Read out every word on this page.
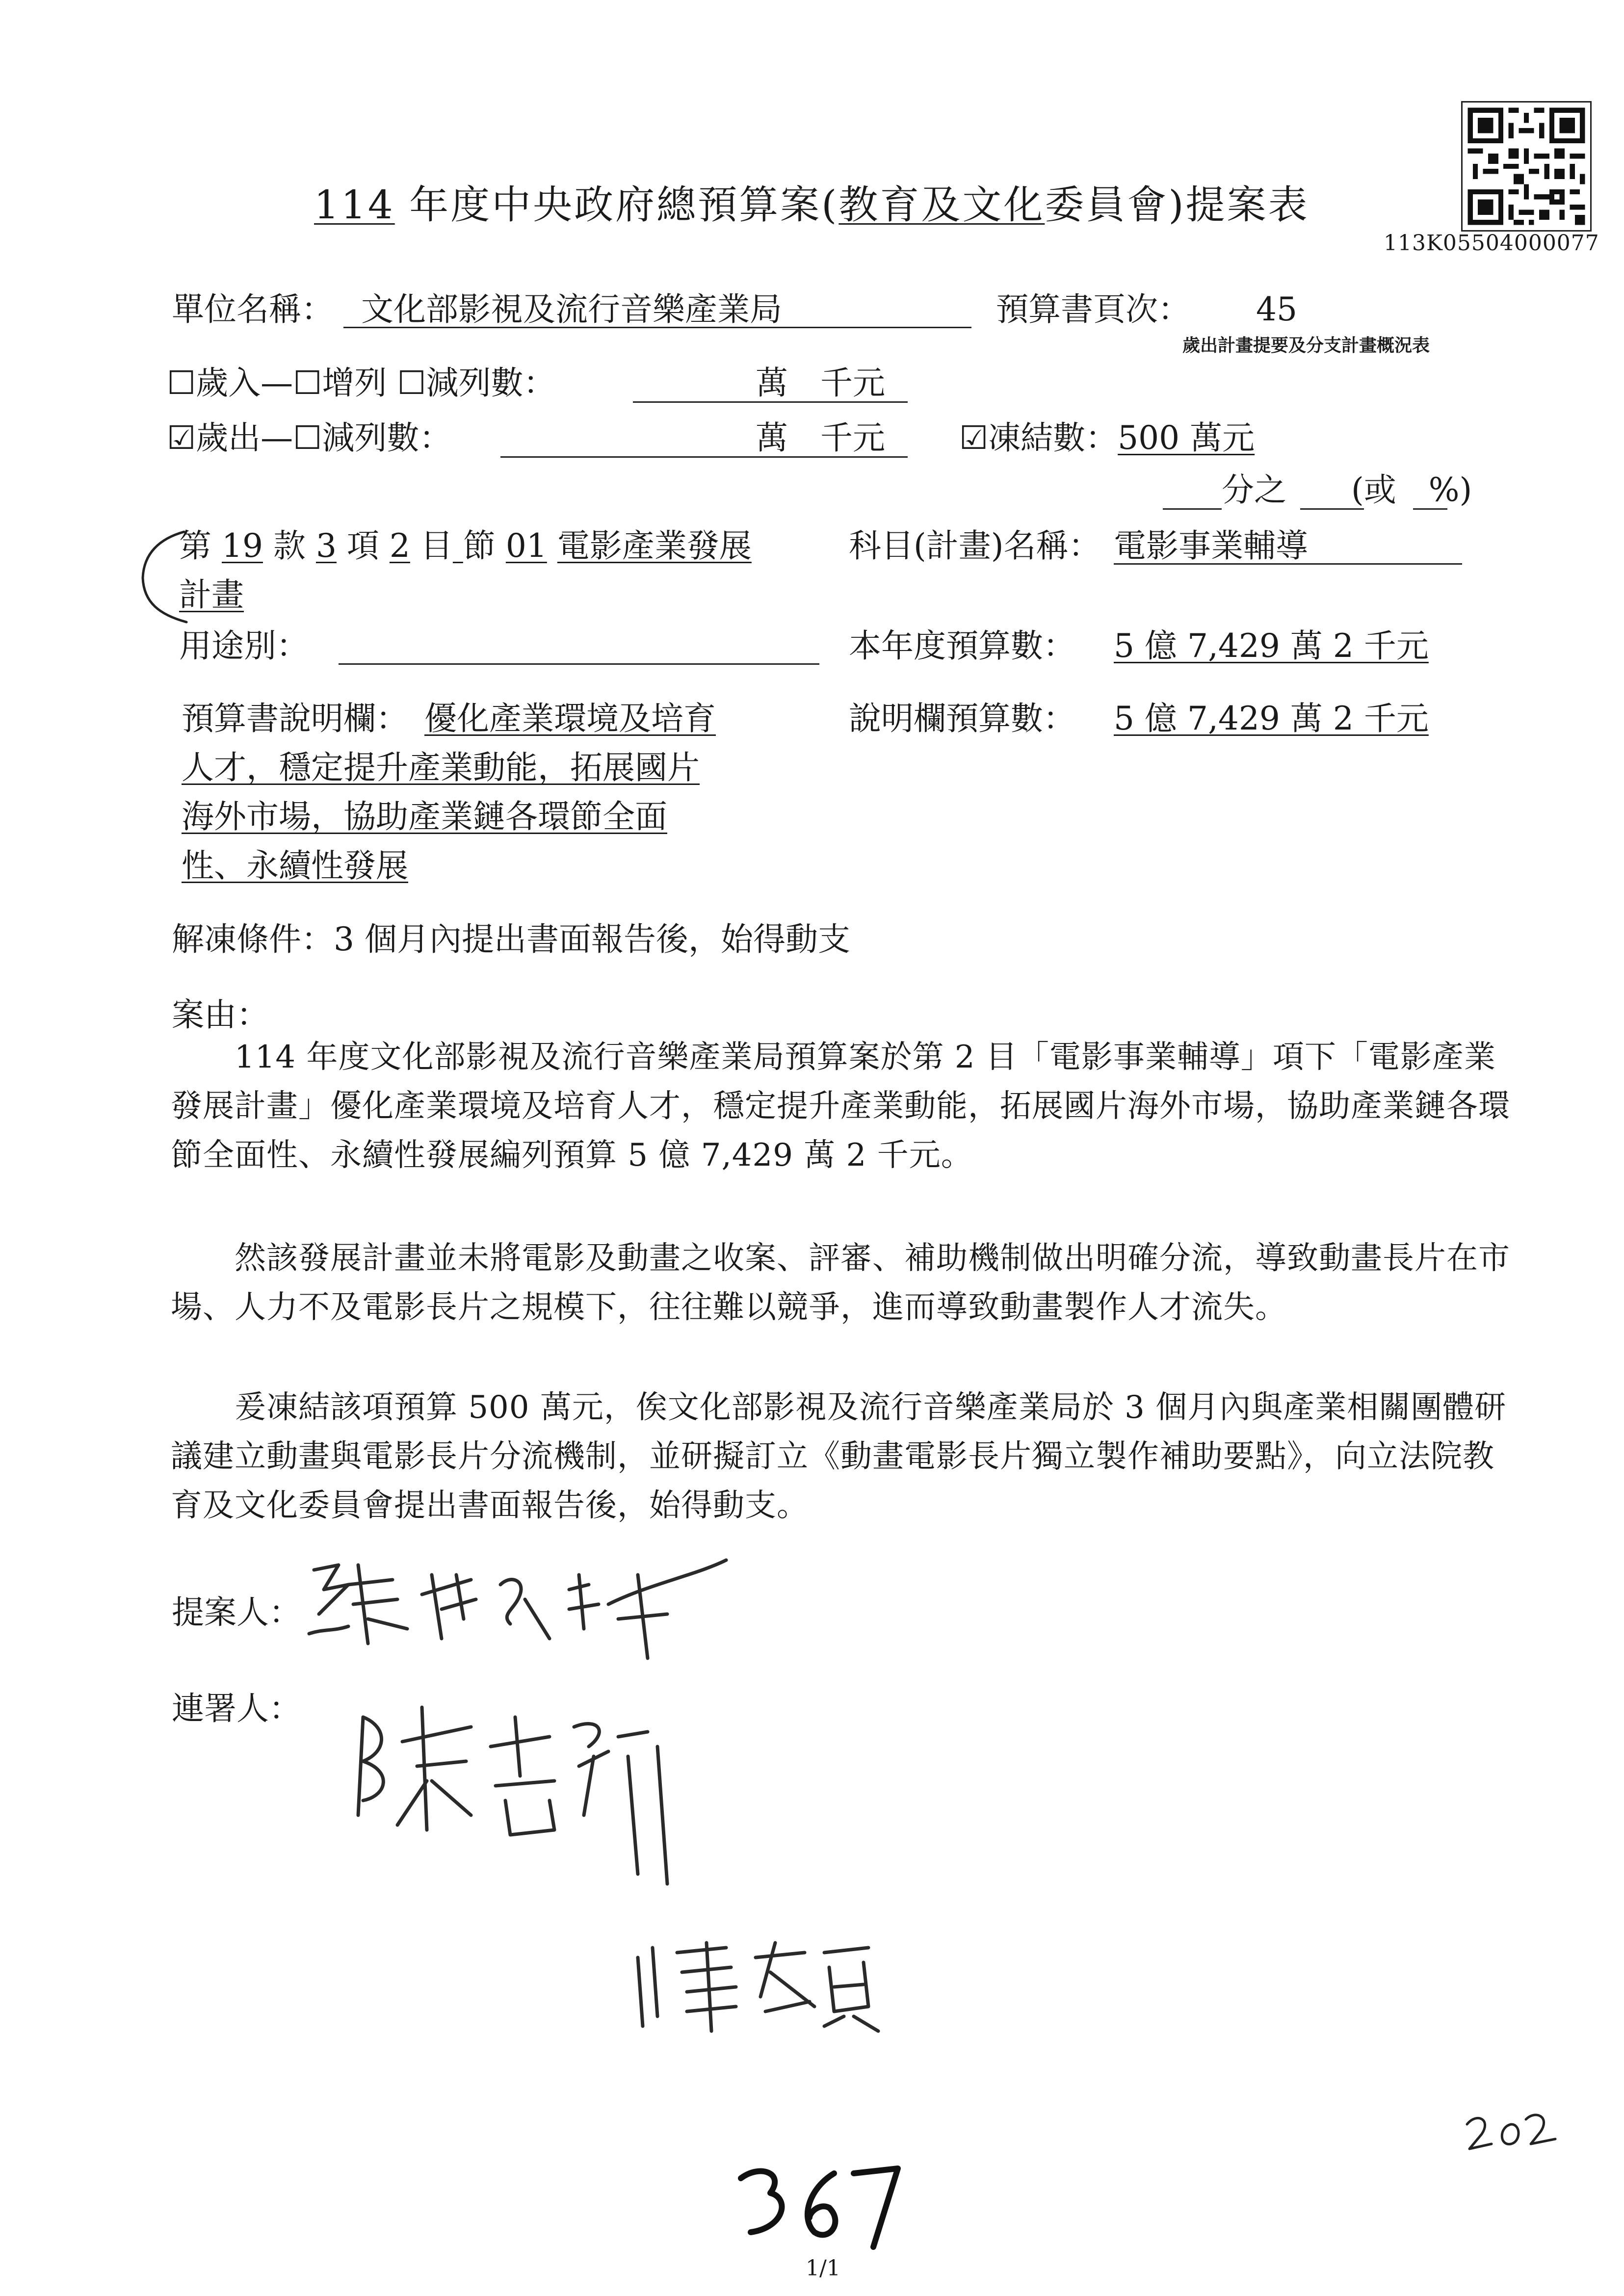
113K05504000077
114 年度中央政府總預算案(教育及文化委員會)提案表
單位名稱： 文化部影視及流行音樂產業局	預算書頁次： 45
歲出計畫提要及分支計畫概況表
☐歲入—☐增列 ☐減列數：	萬　千元
☑歲出—☐減列數：	萬　千元 ☑凍結數：500 萬元
分之　　(或　%)
第 19 款 3 項 2 目 節 01 電影產業發展
計畫
科目(計畫)名稱： 電影事業輔導
用途別：	本年度預算數： 5 億 7,429 萬 2 千元
預算書說明欄： 優化產業環境及培育
人才，穩定提升產業動能，拓展國片
海外市場，協助產業鏈各環節全面
性、永續性發展
說明欄預算數： 5 億 7,429 萬 2 千元
解凍條件：3 個月內提出書面報告後，始得動支
案由：
　　114 年度文化部影視及流行音樂產業局預算案於第 2 目「電影事業輔導」項下「電影產業發展計畫」優化產業環境及培育人才，穩定提升產業動能，拓展國片海外市場，協助產業鏈各環節全面性、永續性發展編列預算 5 億 7,429 萬 2 千元。
　　然該發展計畫並未將電影及動畫之收案、評審、補助機制做出明確分流，導致動畫長片在市場、人力不及電影長片之規模下，往往難以競爭，進而導致動畫製作人才流失。
　　爰凍結該項預算 500 萬元，俟文化部影視及流行音樂產業局於 3 個月內與產業相關團體研議建立動畫與電影長片分流機制，並研擬訂立《動畫電影長片獨立製作補助要點》，向立法院教育及文化委員會提出書面報告後，始得動支。
提案人：
連署人：
1/1
